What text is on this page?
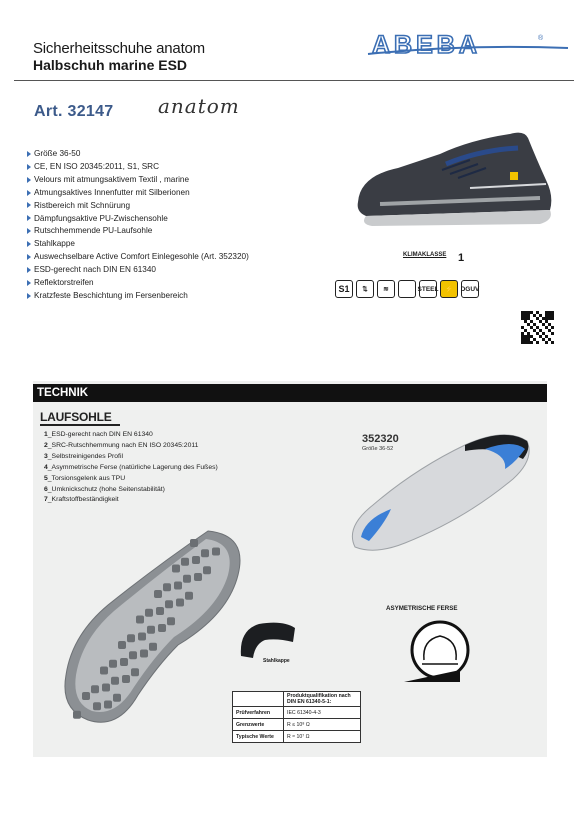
Sicherheitsschuhe anatom
Halbschuh marine ESD
ABEBA	®
Art. 32147 anatom
Größe 36-50
CE, EN ISO 20345:2011, S1, SRC
Velours mit atmungsaktivem Textil , marine
Atmungsaktives Innenfutter mit Silberionen
Ristbereich mit Schnürung
Dämpfungsaktive PU-Zwischensohle
Rutschhemmende PU-Laufsohle
Stahlkappe
Auswechselbare Active Comfort Einlegesohle (Art. 352320)
ESD-gerecht nach DIN EN 61340
Reflektorstreifen
Kratzfeste Beschichtung im Fersenbereich
KLIMAKLASSE 1
S1	⇅	≋	STEEL ⚡	DGUV
TECHNIK
LAUFSOHLE
1_ESD-gerecht nach DIN EN 61340
2_SRC-Rutschhemmung nach EN ISO 20345:2011
3_Selbstreinigendes Profil
4_Asymmetrische Ferse (natürliche Lagerung des Fußes)
5_Torsionsgelenk aus TPU
6_Umknickschutz (hohe Seitenstabilität)
7_Kraftstoffbeständigkeit
352320
Größe 36-52
Stahlkappe
ASYMETRISCHE FERSE
	Produktqualifikation nach DIN EN 61340-5-1:
Prüfverfahren	IEC 61340-4-3
Grenzwerte	R ≤ 10⁸ Ω
Typische Werte	R ≈ 10⁷ Ω
